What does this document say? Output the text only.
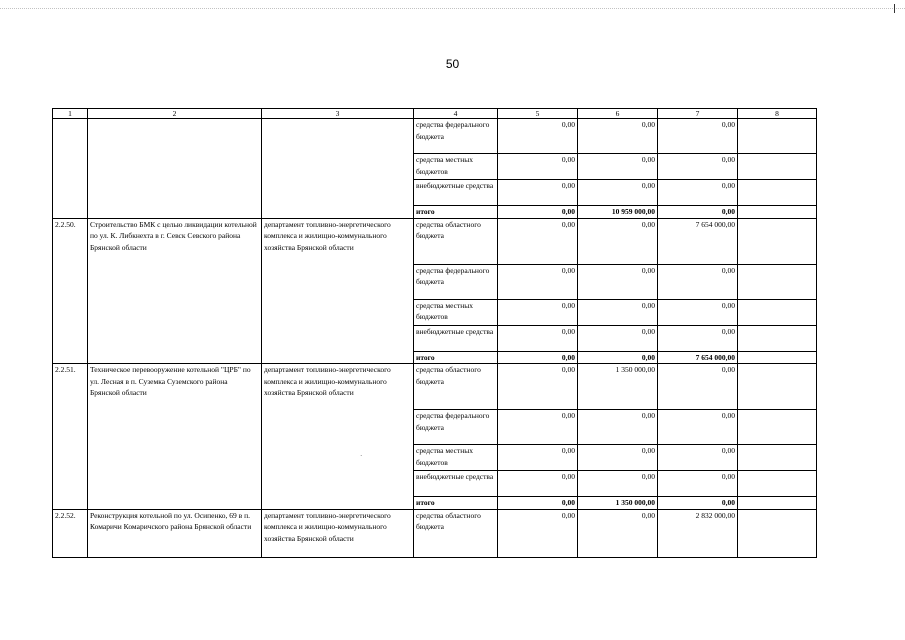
50
1	2	3	4	5	6	7	8
			средства федерального бюджета	0,00	0,00	0,00	
			средства местных бюджетов	0,00	0,00	0,00	
			внебюджетные средства	0,00	0,00	0,00	
			итого	0,00	10 959 000,00	0,00	
2.2.50.	Строительство БМК с целью ликвидации котельной по ул. К. Либкнехта в г. Севск Севского района Брянской области	департамент топливно-энергетического комплекса и жилищно-коммунального хозяйства Брянской области	средства областного бюджета	0,00	0,00	7 654 000,00	
			средства федерального бюджета	0,00	0,00	0,00	
			средства местных бюджетов	0,00	0,00	0,00	
			внебюджетные средства	0,00	0,00	0,00	
			итого	0,00	0,00	7 654 000,00	
2.2.51.	Техническое перевооружение котельной "ЦРБ" по ул. Лесная в п. Суземка Суземского района Брянской области	департамент топливно-энергетического комплекса и жилищно-коммунального хозяйства Брянской области	средства областного бюджета	0,00	1 350 000,00	0,00	
			средства федерального бюджета	0,00	0,00	0,00	
			средства местных бюджетов	0,00	0,00	0,00	
			внебюджетные средства	0,00	0,00	0,00	
			итого	0,00	1 350 000,00	0,00	
2.2.52.	Реконструкция котельной по ул. Осипенко, 69 в п. Комаричи Комаричского района Брянской области	департамент топливно-энергетического комплекса и жилищно-коммунального хозяйства Брянской области	средства областного бюджета	0,00	0,00	2 832 000,00	
·
